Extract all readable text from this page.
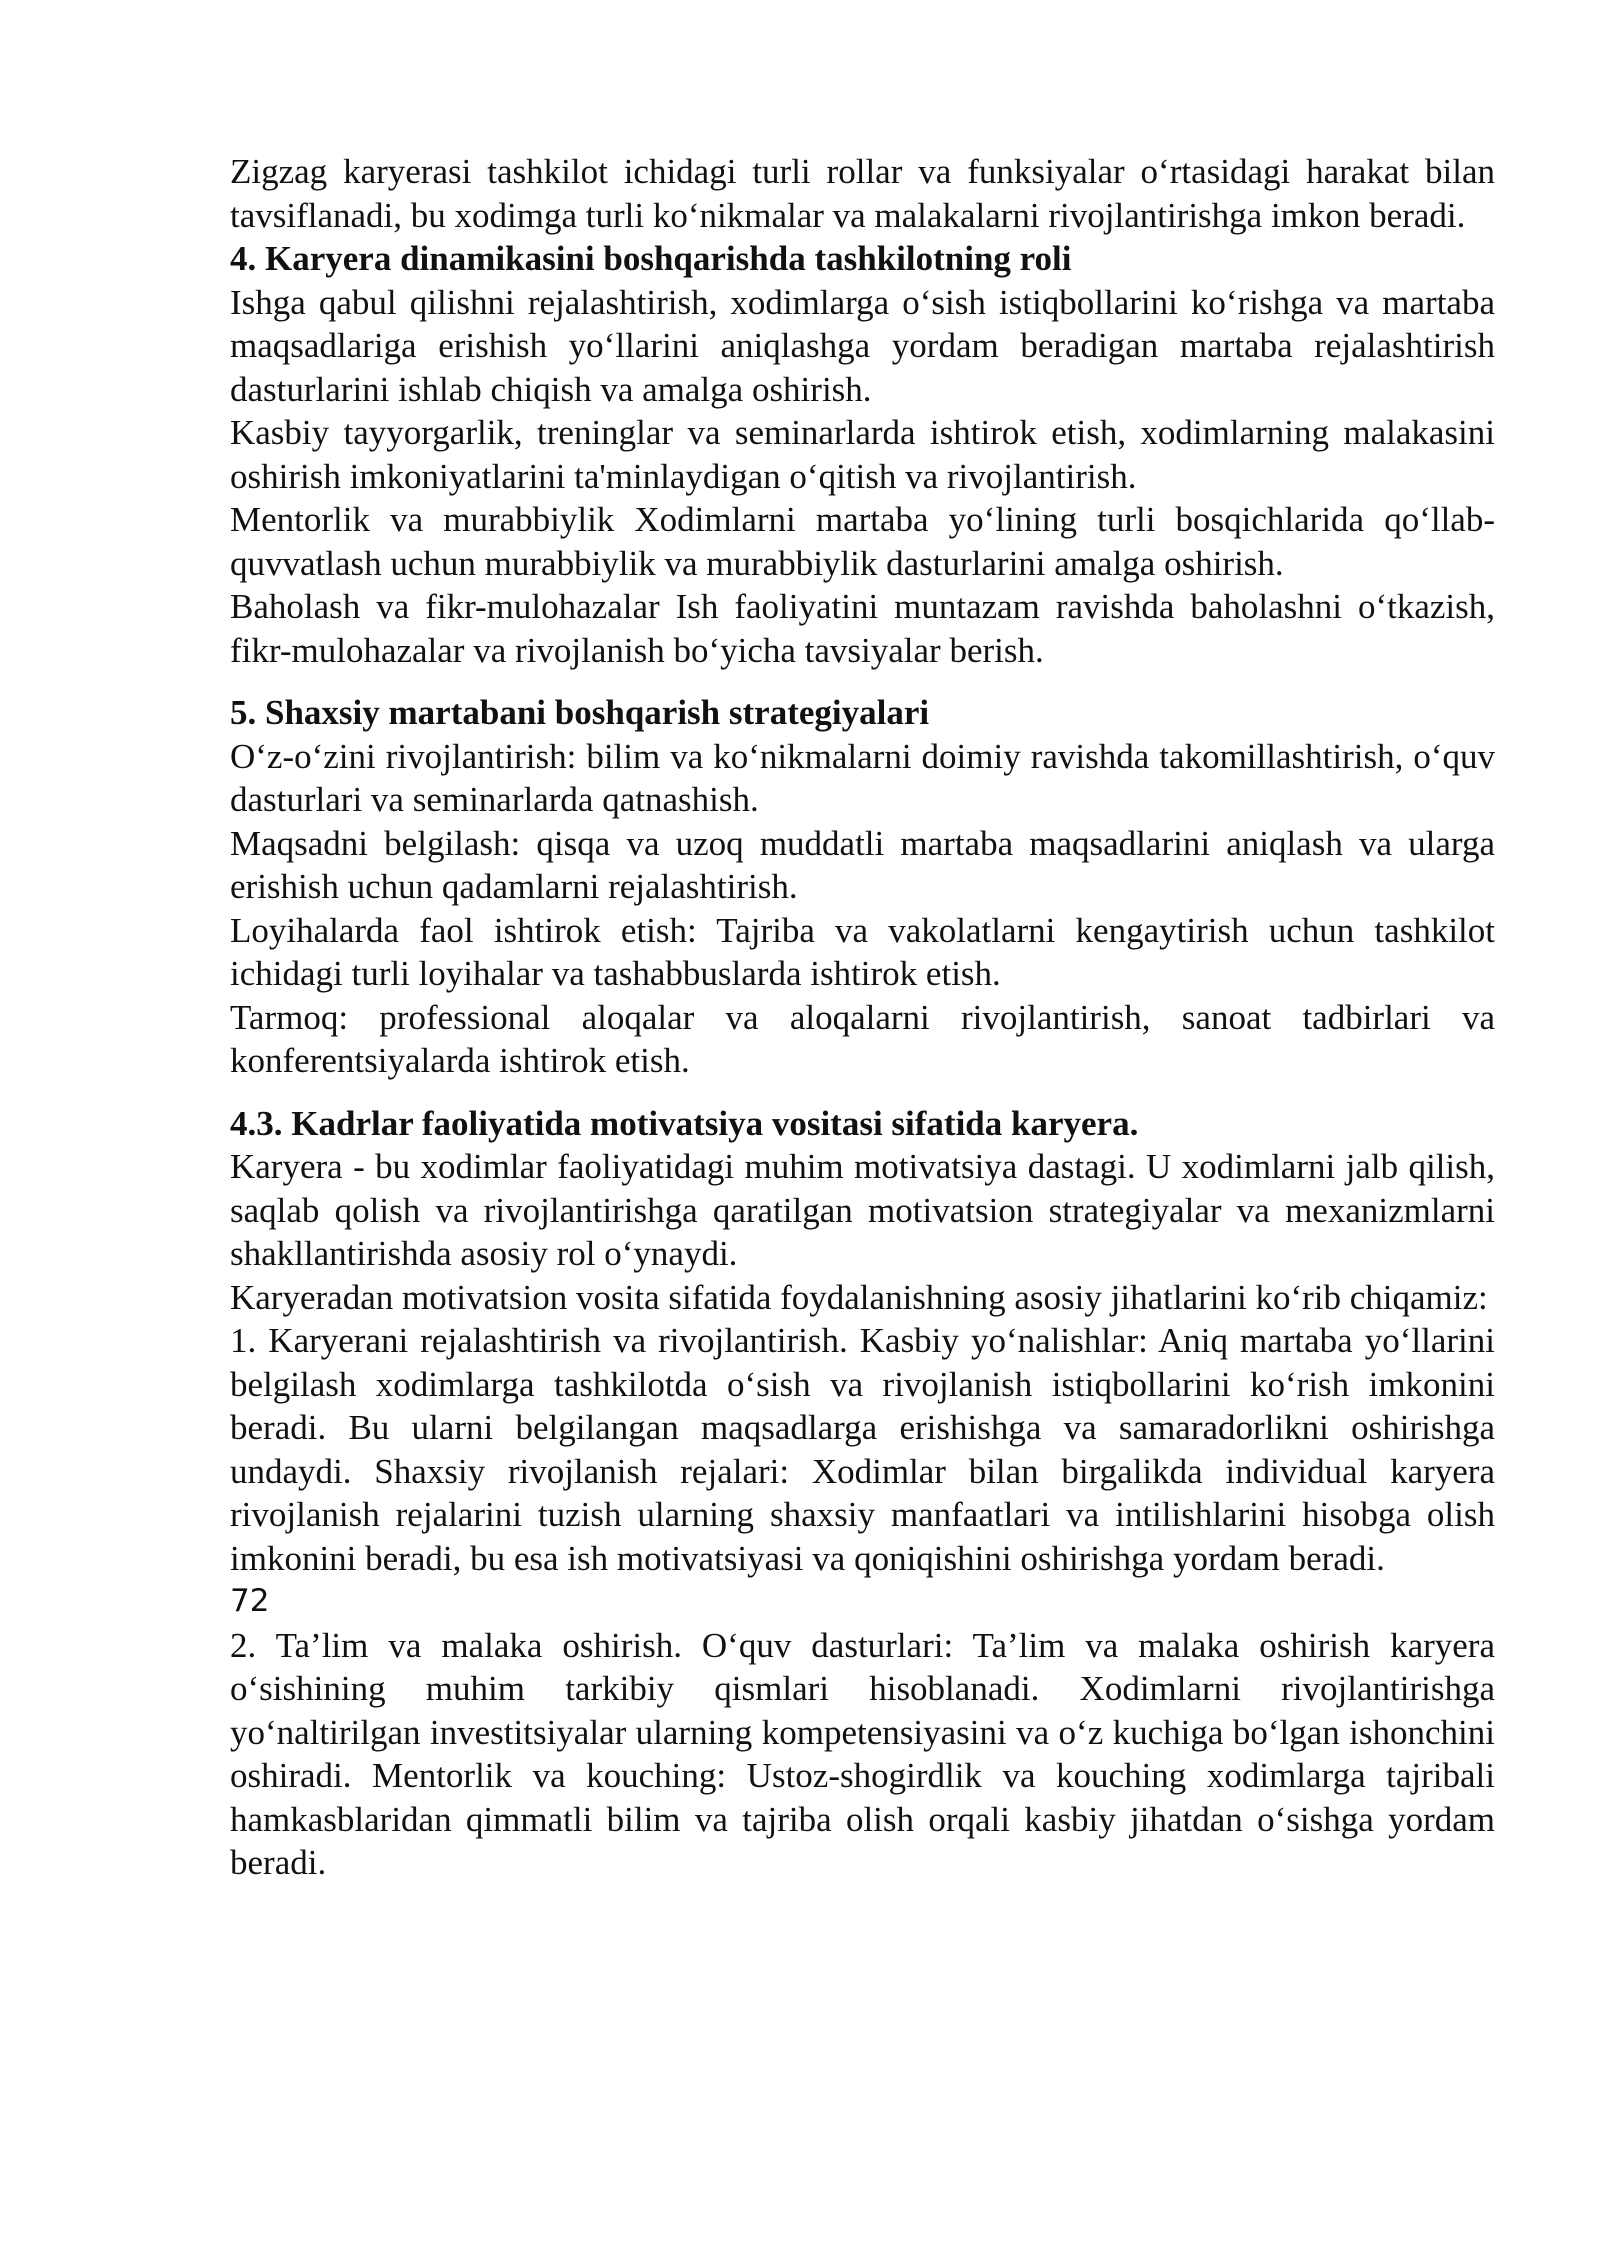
Zigzag karyerasi tashkilot ichidagi turli rollar va funksiyalar o‘rtasidagi harakat bilan tavsiflanadi, bu xodimga turli ko‘nikmalar va malakalarni rivojlantirishga imkon beradi.

4. Karyera dinamikasini boshqarishda tashkilotning roli

Ishga qabul qilishni rejalashtirish, xodimlarga o‘sish istiqbollarini ko‘rishga va martaba maqsadlariga erishish yo‘llarini aniqlashga yordam beradigan martaba rejalashtirish dasturlarini ishlab chiqish va amalga oshirish.

Kasbiy tayyorgarlik, treninglar va seminarlarda ishtirok etish, xodimlarning malakasini oshirish imkoniyatlarini ta'minlaydigan o‘qitish va rivojlantirish.

Mentorlik va murabbiylik Xodimlarni martaba yo‘lining turli bosqichlarida qo‘llab-quvvatlash uchun murabbiylik va murabbiylik dasturlarini amalga oshirish.

Baholash va fikr-mulohazalar Ish faoliyatini muntazam ravishda baholashni o‘tkazish, fikr-mulohazalar va rivojlanish bo‘yicha tavsiyalar berish.

5. Shaxsiy martabani boshqarish strategiyalari

O‘z-o‘zini rivojlantirish: bilim va ko‘nikmalarni doimiy ravishda takomillashtirish, o‘quv dasturlari va seminarlarda qatnashish.

Maqsadni belgilash: qisqa va uzoq muddatli martaba maqsadlarini aniqlash va ularga erishish uchun qadamlarni rejalashtirish.

Loyihalarda faol ishtirok etish: Tajriba va vakolatlarni kengaytirish uchun tashkilot ichidagi turli loyihalar va tashabbuslarda ishtirok etish.

Tarmoq: professional aloqalar va aloqalarni rivojlantirish, sanoat tadbirlari va konferentsiyalarda ishtirok etish.

4.3. Kadrlar faoliyatida motivatsiya vositasi sifatida karyera.

Karyera - bu xodimlar faoliyatidagi muhim motivatsiya dastagi. U xodimlarni jalb qilish, saqlab qolish va rivojlantirishga qaratilgan motivatsion strategiyalar va mexanizmlarni shakllantirishda asosiy rol o‘ynaydi.

Karyeradan motivatsion vosita sifatida foydalanishning asosiy jihatlarini ko‘rib chiqamiz:

1. Karyerani rejalashtirish va rivojlantirish. Kasbiy yo‘nalishlar: Aniq martaba yo‘llarini belgilash xodimlarga tashkilotda o‘sish va rivojlanish istiqbollarini ko‘rish imkonini beradi. Bu ularni belgilangan maqsadlarga erishishga va samaradorlikni oshirishga undaydi. Shaxsiy rivojlanish rejalari: Xodimlar bilan birgalikda individual karyera rivojlanish rejalarini tuzish ularning shaxsiy manfaatlari va intilishlarini hisobga olish imkonini beradi, bu esa ish motivatsiyasi va qoniqishini oshirishga yordam beradi.

72

2. Ta’lim va malaka oshirish. O‘quv dasturlari: Ta’lim va malaka oshirish karyera o‘sishining muhim tarkibiy qismlari hisoblanadi. Xodimlarni rivojlantirishga yo‘naltirilgan investitsiyalar ularning kompetensiyasini va o‘z kuchiga bo‘lgan ishonchini oshiradi. Mentorlik va kouching: Ustoz-shogirdlik va kouching xodimlarga tajribali hamkasblaridan qimmatli bilim va tajriba olish orqali kasbiy jihatdan o‘sishga yordam beradi.
